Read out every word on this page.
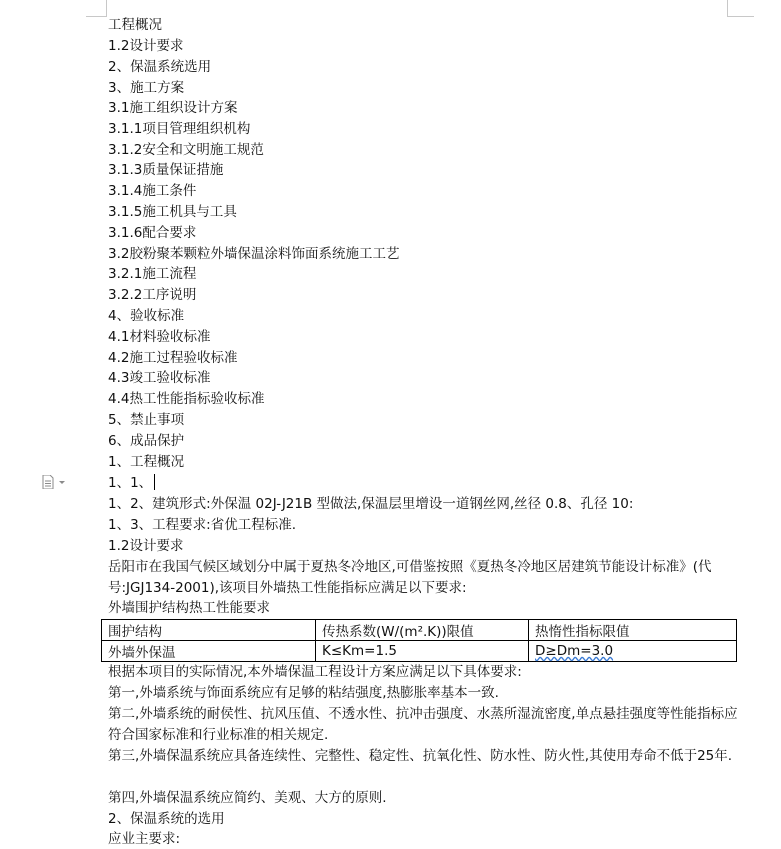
工程概况
1.2设计要求
2、保温系统选用
3、施工方案
3.1施工组织设计方案
3.1.1项目管理组织机构
3.1.2安全和文明施工规范
3.1.3质量保证措施
3.1.4施工条件
3.1.5施工机具与工具
3.1.6配合要求
3.2胶粉聚苯颗粒外墙保温涂料饰面系统施工工艺
3.2.1施工流程
3.2.2工序说明
4、验收标准
4.1材料验收标准
4.2施工过程验收标准
4.3竣工验收标准
4.4热工性能指标验收标准
5、禁止事项
6、成品保护
1、工程概况
1、1、
1、2、建筑形式:外保温 02J-J21B 型做法,保温层里增设一道钢丝网,丝径 0.8、孔径 10:
1、3、工程要求:省优工程标准.
1.2设计要求
岳阳市在我国气候区域划分中属于夏热冬冷地区,可借鉴按照《夏热冬冷地区居建筑节能设计标准》(代号:JGJ134-2001),该项目外墙热工性能指标应满足以下要求:
外墙围护结构热工性能要求
围护结构	传热系数(W/(m².K))限值	热惰性指标限值
外墙外保温	K≤Km=1.5	D≥Dm=3.0
根据本项目的实际情况,本外墙保温工程设计方案应满足以下具体要求:
第一,外墙系统与饰面系统应有足够的粘结强度,热膨胀率基本一致.
第二,外墙系统的耐侯性、抗风压值、不透水性、抗冲击强度、水蒸所湿流密度,单点悬挂强度等性能指标应符合国家标准和行业标准的相关规定.
第三,外墙保温系统应具备连续性、完整性、稳定性、抗氧化性、防水性、防火性,其使用寿命不低于25年.
第四,外墙保温系统应简约、美观、大方的原则.
2、保温系统的选用
应业主要求:
